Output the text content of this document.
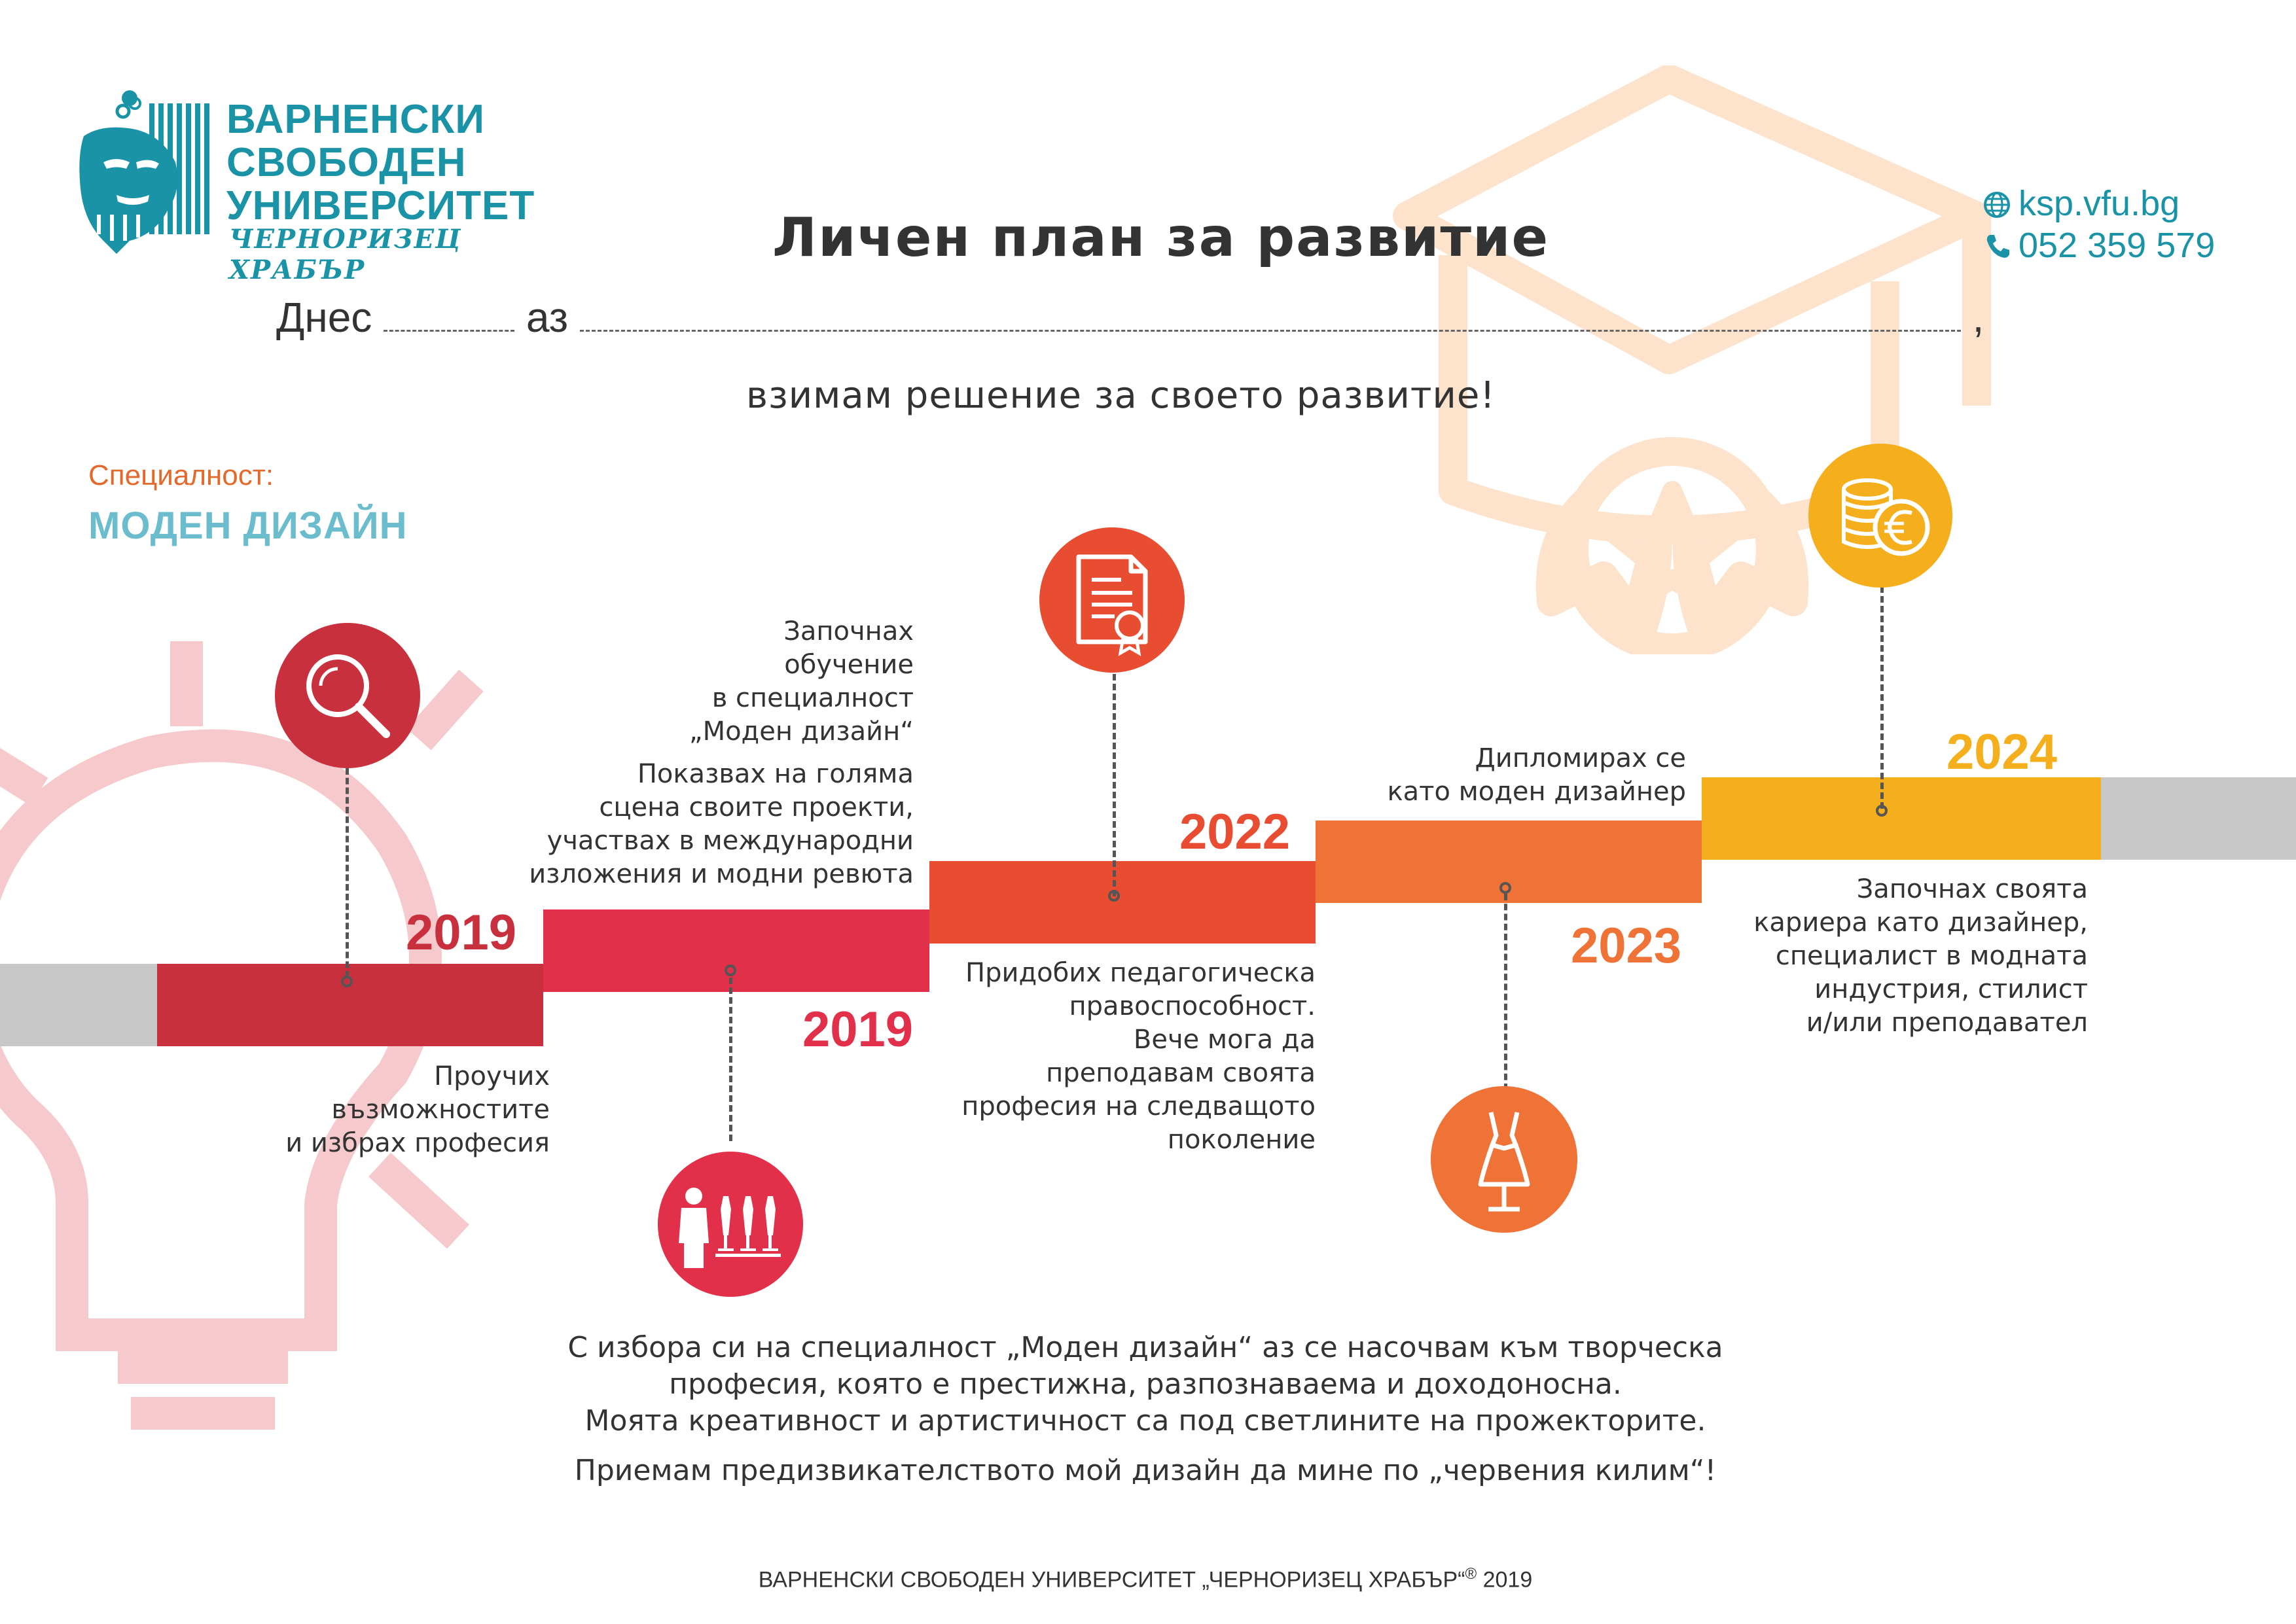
ВАРНЕНСКИ
СВОБОДЕН
УНИВЕРСИТЕТ
ЧЕРНОРИЗЕЦ ХРАБЪР
Личен план за развитие
ksp.vfu.bg
052 359 579
Днес	аз	,
взимам решение за своето развитие!
Специалност:
МОДЕН ДИЗАЙН
2019
2019
2022
2023
2024
Проучих
възможностите
и избрах професия
Започнах
обучение
в специалност
„Моден дизайн“
Показвах на голяма
сцена своите проекти,
участвах в международни
изложения и модни ревюта
Придобих педагогическа
правоспособност.
Вече мога да
преподавам своята
професия на следващото
поколение
Дипломирах се
като моден дизайнер
Започнах своята
кариера като дизайнер,
специалист в модната
индустрия, стилист
и/или преподавател
С избора си на специалност „Моден дизайн“ аз се насочвам към творческа
професия, която е престижна, разпознаваема и доходоносна.
Моята креативност и артистичност са под светлините на прожекторите.
Приемам предизвикателството мой дизайн да мине по „червения килим“!
ВАРНЕНСКИ СВОБОДЕН УНИВЕРСИТЕТ „ЧЕРНОРИЗЕЦ ХРАБЪР“® 2019
